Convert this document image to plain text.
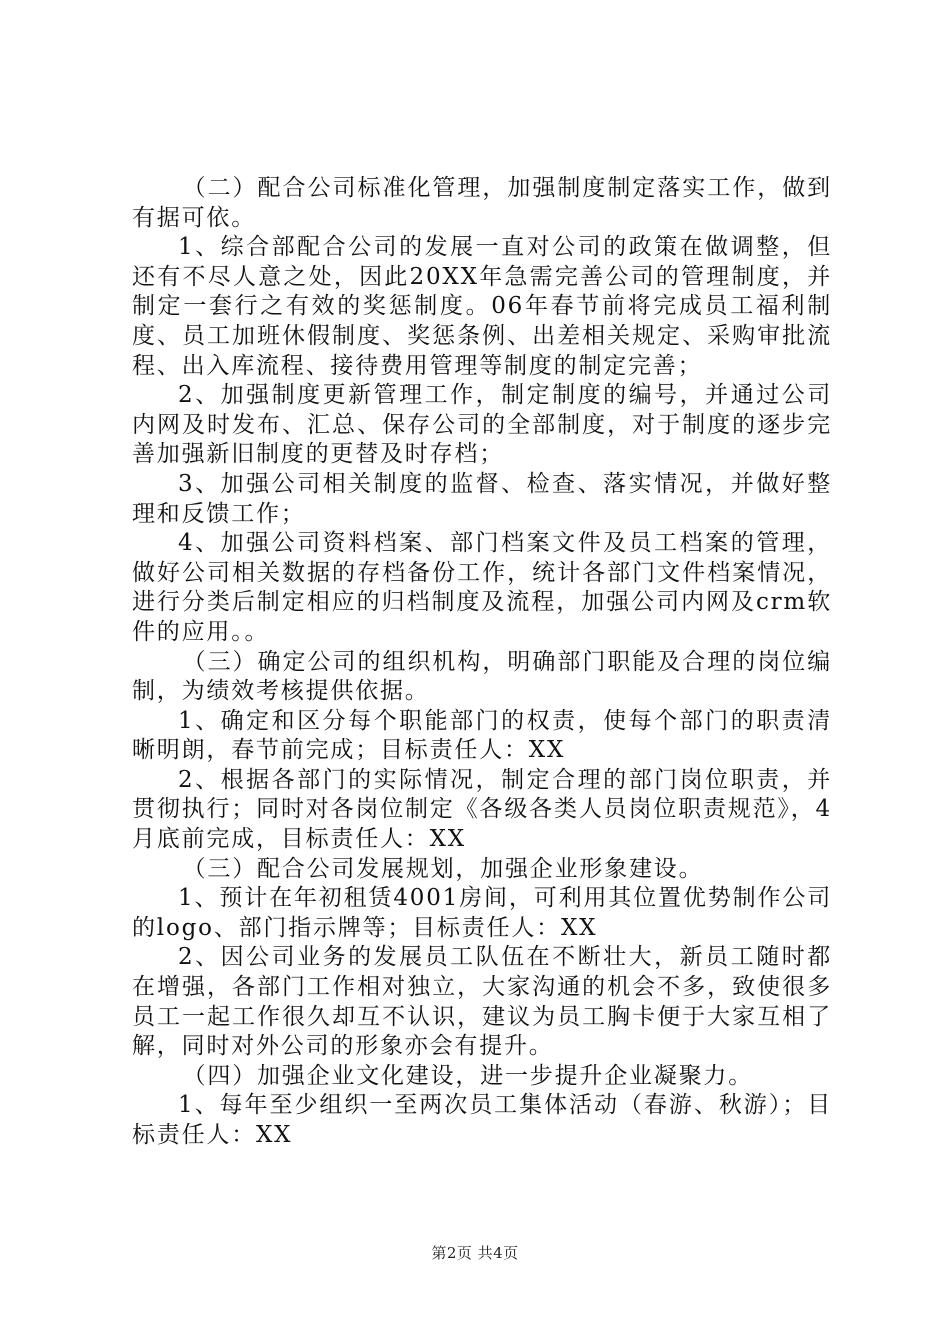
（二）配合公司标准化管理，加强制度制定落实工作，做到有据可依。

1、综合部配合公司的发展一直对公司的政策在做调整，但还有不尽人意之处，因此20XX年急需完善公司的管理制度，并制定一套行之有效的奖惩制度。06年春节前将完成员工福利制度、员工加班休假制度、奖惩条例、出差相关规定、采购审批流程、出入库流程、接待费用管理等制度的制定完善；

2、加强制度更新管理工作，制定制度的编号，并通过公司内网及时发布、汇总、保存公司的全部制度，对于制度的逐步完善加强新旧制度的更替及时存档；

3、加强公司相关制度的监督、检查、落实情况，并做好整理和反馈工作；

4、加强公司资料档案、部门档案文件及员工档案的管理，做好公司相关数据的存档备份工作，统计各部门文件档案情况，进行分类后制定相应的归档制度及流程，加强公司内网及crm软件的应用。。

（三）确定公司的组织机构，明确部门职能及合理的岗位编制，为绩效考核提供依据。

1、确定和区分每个职能部门的权责，使每个部门的职责清晰明朗，春节前完成；目标责任人：XX

2、根据各部门的实际情况，制定合理的部门岗位职责，并贯彻执行；同时对各岗位制定《各级各类人员岗位职责规范》，4月底前完成，目标责任人：XX

（三）配合公司发展规划，加强企业形象建设。

1、预计在年初租赁4001房间，可利用其位置优势制作公司的logo、部门指示牌等；目标责任人：XX

2、因公司业务的发展员工队伍在不断壮大，新员工随时都在增强，各部门工作相对独立，大家沟通的机会不多，致使很多员工一起工作很久却互不认识，建议为员工胸卡便于大家互相了解，同时对外公司的形象亦会有提升。

（四）加强企业文化建设，进一步提升企业凝聚力。

1、每年至少组织一至两次员工集体活动（春游、秋游）；目标责任人：XX

第2页 共4页
